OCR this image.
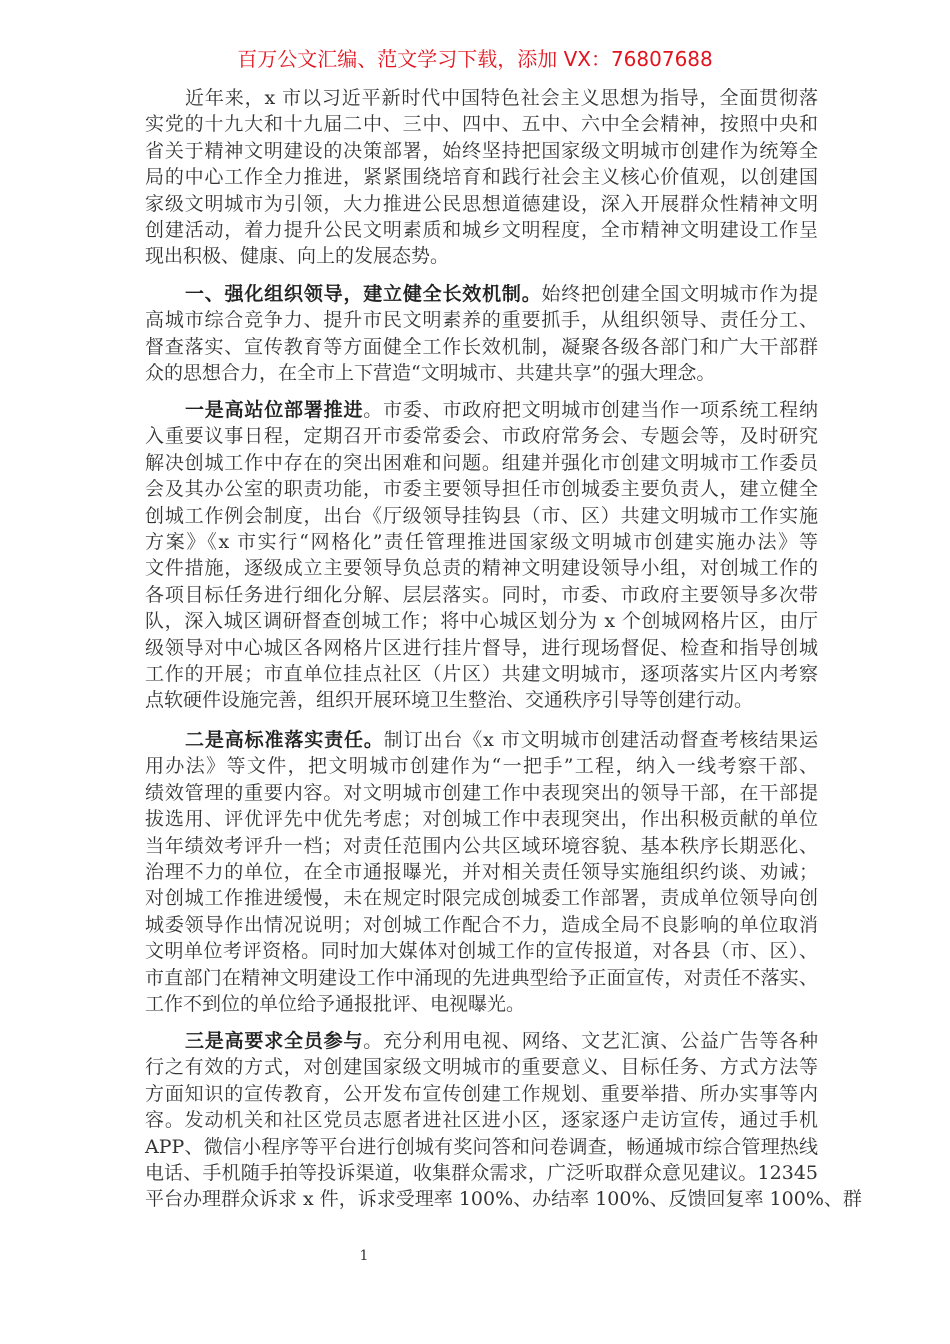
百万公文汇编、范文学习下载，添加 VX：76807688
近年来，x 市以习近平新时代中国特色社会主义思想为指导，全面贯彻落
实党的十九大和十九届二中、三中、四中、五中、六中全会精神，按照中央和
省关于精神文明建设的决策部署，始终坚持把国家级文明城市创建作为统筹全
局的中心工作全力推进，紧紧围绕培育和践行社会主义核心价值观，以创建国
家级文明城市为引领，大力推进公民思想道德建设，深入开展群众性精神文明
创建活动，着力提升公民文明素质和城乡文明程度，全市精神文明建设工作呈
现出积极、健康、向上的发展态势。
一、强化组织领导，建立健全长效机制。始终把创建全国文明城市作为提
高城市综合竞争力、提升市民文明素养的重要抓手，从组织领导、责任分工、
督查落实、宣传教育等方面健全工作长效机制，凝聚各级各部门和广大干部群
众的思想合力，在全市上下营造“文明城市、共建共享”的强大理念。
一是高站位部署推进。市委、市政府把文明城市创建当作一项系统工程纳
入重要议事日程，定期召开市委常委会、市政府常务会、专题会等，及时研究
解决创城工作中存在的突出困难和问题。组建并强化市创建文明城市工作委员
会及其办公室的职责功能，市委主要领导担任市创城委主要负责人，建立健全
创城工作例会制度，出台《厅级领导挂钩县（市、区）共建文明城市工作实施
方案》《x 市实行“网格化”责任管理推进国家级文明城市创建实施办法》等
文件措施，逐级成立主要领导负总责的精神文明建设领导小组，对创城工作的
各项目标任务进行细化分解、层层落实。同时，市委、市政府主要领导多次带
队，深入城区调研督查创城工作；将中心城区划分为 x 个创城网格片区，由厅
级领导对中心城区各网格片区进行挂片督导，进行现场督促、检查和指导创城
工作的开展；市直单位挂点社区（片区）共建文明城市，逐项落实片区内考察
点软硬件设施完善，组织开展环境卫生整治、交通秩序引导等创建行动。
二是高标准落实责任。制订出台《x 市文明城市创建活动督查考核结果运
用办法》等文件，把文明城市创建作为“一把手”工程，纳入一线考察干部、
绩效管理的重要内容。对文明城市创建工作中表现突出的领导干部，在干部提
拔选用、评优评先中优先考虑；对创城工作中表现突出，作出积极贡献的单位
当年绩效考评升一档；对责任范围内公共区域环境容貌、基本秩序长期恶化、
治理不力的单位，在全市通报曝光，并对相关责任领导实施组织约谈、劝诫；
对创城工作推进缓慢，未在规定时限完成创城委工作部署，责成单位领导向创
城委领导作出情况说明；对创城工作配合不力，造成全局不良影响的单位取消
文明单位考评资格。同时加大媒体对创城工作的宣传报道，对各县（市、区）、
市直部门在精神文明建设工作中涌现的先进典型给予正面宣传，对责任不落实、
工作不到位的单位给予通报批评、电视曝光。
三是高要求全员参与。充分利用电视、网络、文艺汇演、公益广告等各种
行之有效的方式，对创建国家级文明城市的重要意义、目标任务、方式方法等
方面知识的宣传教育，公开发布宣传创建工作规划、重要举措、所办实事等内
容。发动机关和社区党员志愿者进社区进小区，逐家逐户走访宣传，通过手机
APP、微信小程序等平台进行创城有奖问答和问卷调查，畅通城市综合管理热线
电话、手机随手拍等投诉渠道，收集群众需求，广泛听取群众意见建议。12345
平台办理群众诉求 x 件，诉求受理率 100%、办结率 100%、反馈回复率 100%、群
1
